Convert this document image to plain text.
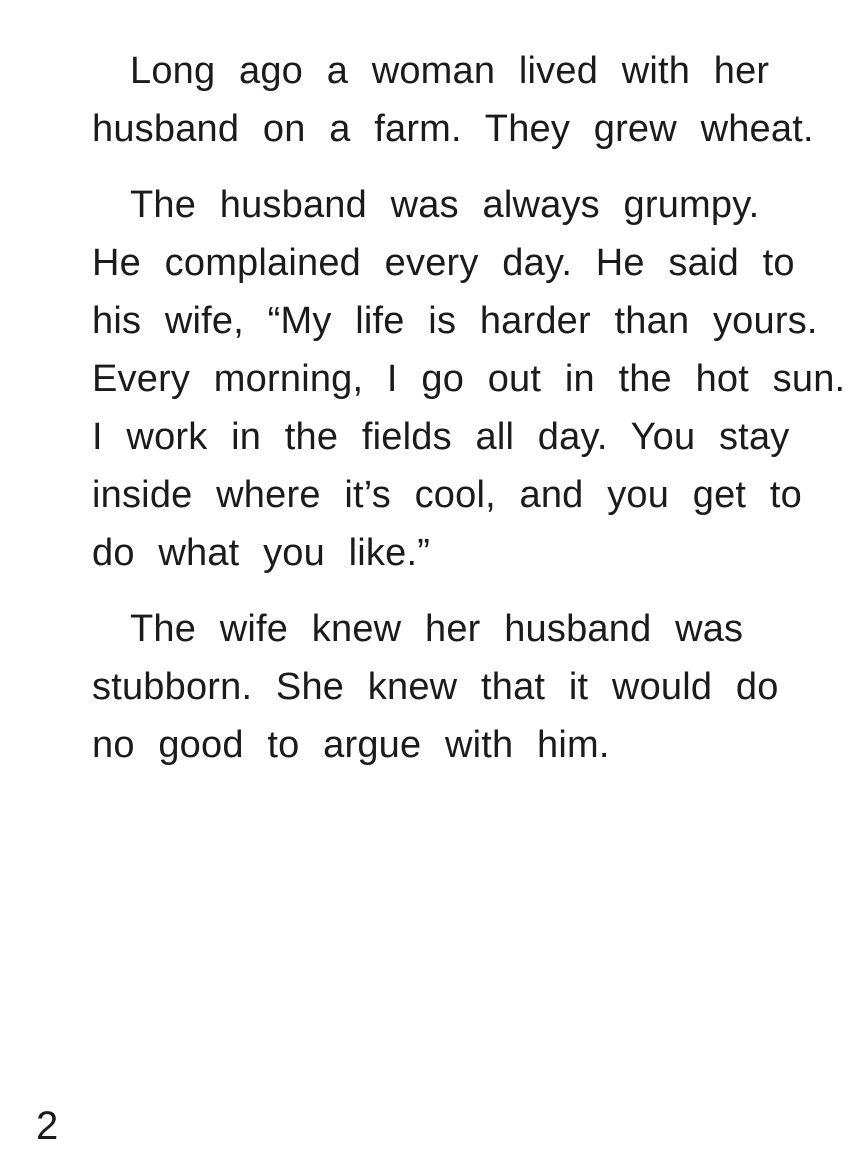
Long ago a woman lived with her
husband on a farm. They grew wheat.
The husband was always grumpy.
He complained every day. He said to
his wife, “My life is harder than yours.
Every morning, I go out in the hot sun.
I work in the fields all day. You stay
inside where it’s cool, and you get to
do what you like.”
The wife knew her husband was
stubborn. She knew that it would do
no good to argue with him.
2
